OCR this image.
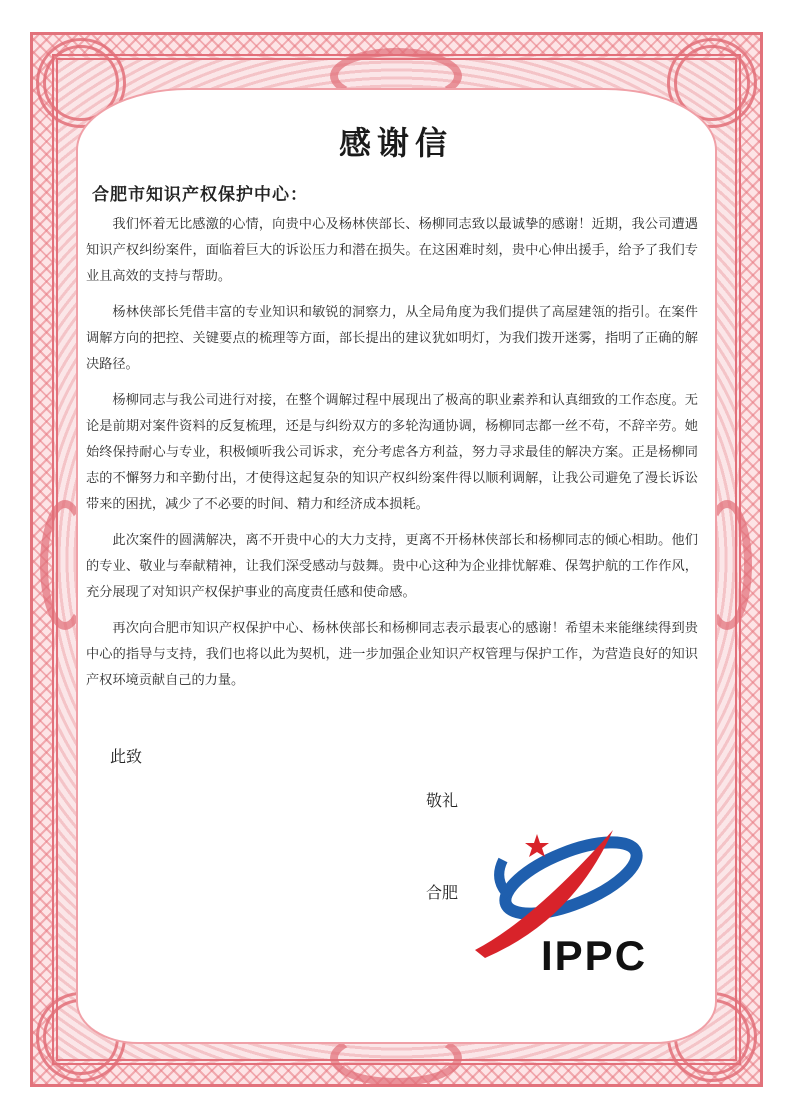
感谢信

合肥市知识产权保护中心：

我们怀着无比感激的心情，向贵中心及杨林侠部长、杨柳同志致以最诚挚的感谢！近期，我公司遭遇知识产权纠纷案件，面临着巨大的诉讼压力和潜在损失。在这困难时刻，贵中心伸出援手，给予了我们专业且高效的支持与帮助。

杨林侠部长凭借丰富的专业知识和敏锐的洞察力，从全局角度为我们提供了高屋建瓴的指引。在案件调解方向的把控、关键要点的梳理等方面，部长提出的建议犹如明灯，为我们拨开迷雾，指明了正确的解决路径。

杨柳同志与我公司进行对接，在整个调解过程中展现出了极高的职业素养和认真细致的工作态度。无论是前期对案件资料的反复梳理，还是与纠纷双方的多轮沟通协调，杨柳同志都一丝不苟，不辞辛劳。她始终保持耐心与专业，积极倾听我公司诉求，充分考虑各方利益，努力寻求最佳的解决方案。正是杨柳同志的不懈努力和辛勤付出，才使得这起复杂的知识产权纠纷案件得以顺利调解，让我公司避免了漫长诉讼带来的困扰，减少了不必要的时间、精力和经济成本损耗。

此次案件的圆满解决，离不开贵中心的大力支持，更离不开杨林侠部长和杨柳同志的倾心相助。他们的专业、敬业与奉献精神，让我们深受感动与鼓舞。贵中心这种为企业排忧解难、保驾护航的工作作风，充分展现了对知识产权保护事业的高度责任感和使命感。

再次向合肥市知识产权保护中心、杨林侠部长和杨柳同志表示最衷心的感谢！希望未来能继续得到贵中心的指导与支持，我们也将以此为契机，进一步加强企业知识产权管理与保护工作，为营造良好的知识产权环境贡献自己的力量。

此致

敬礼

合肥

IPPC
